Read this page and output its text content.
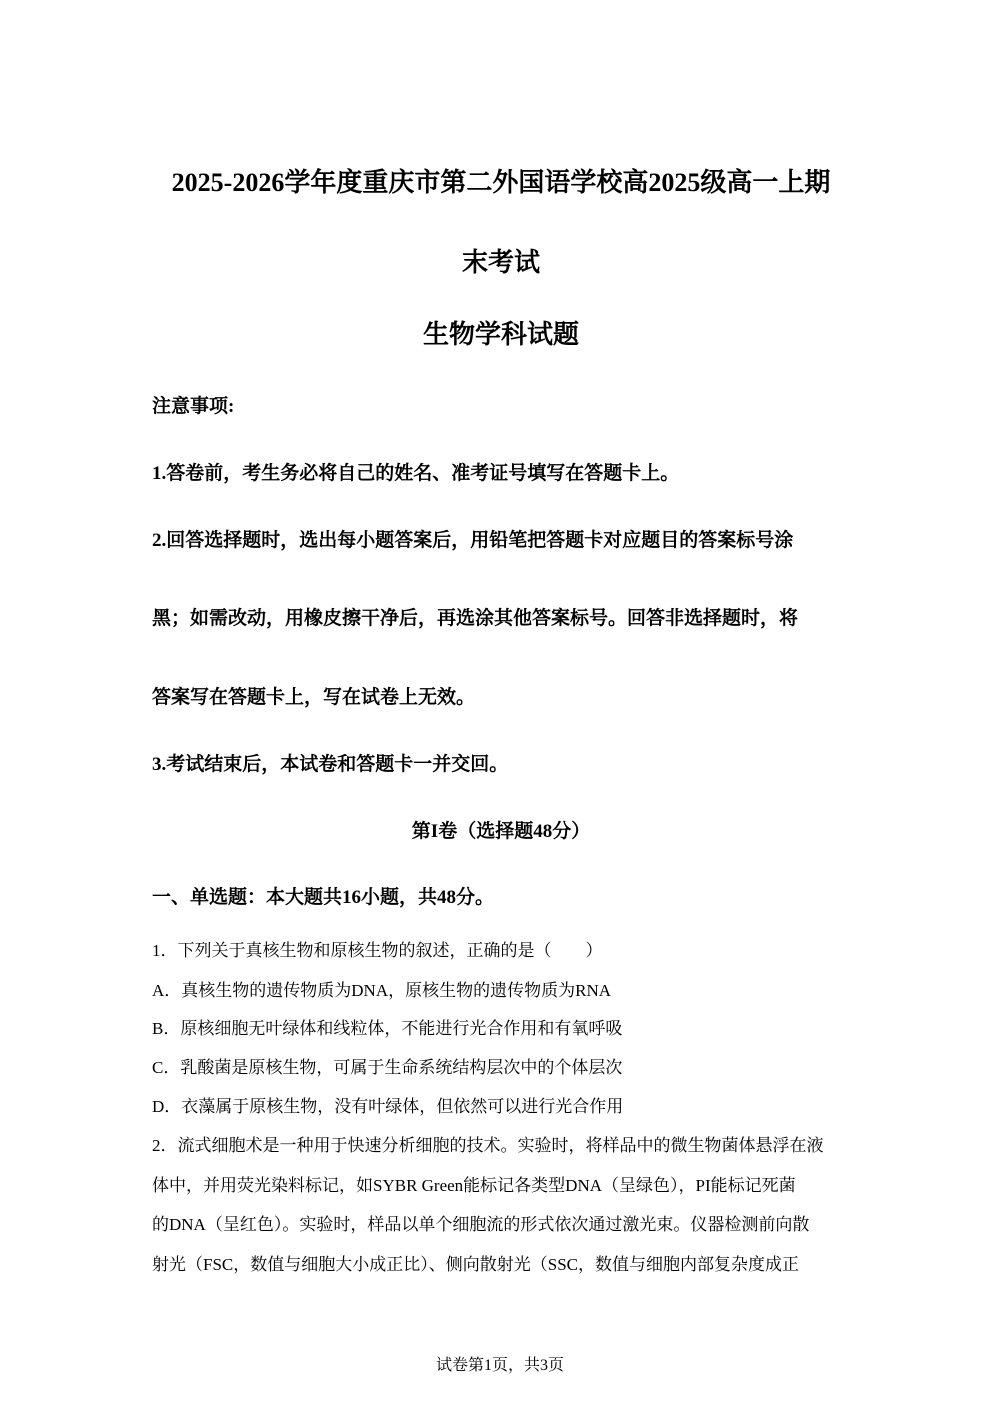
2025-2026学年度重庆市第二外国语学校高2025级高一上期
末考试
生物学科试题

注意事项:

1.答卷前，考生务必将自己的姓名、准考证号填写在答题卡上。

2.回答选择题时，选出每小题答案后，用铅笔把答题卡对应题目的答案标号涂

黑；如需改动，用橡皮擦干净后，再选涂其他答案标号。回答非选择题时，将

答案写在答题卡上，写在试卷上无效。

3.考试结束后，本试卷和答题卡一并交回。

第I卷（选择题48分）

一、单选题：本大题共16小题，共48分。

1．下列关于真核生物和原核生物的叙述，正确的是（　　）

A．真核生物的遗传物质为DNA，原核生物的遗传物质为RNA

B．原核细胞无叶绿体和线粒体，不能进行光合作用和有氧呼吸

C．乳酸菌是原核生物，可属于生命系统结构层次中的个体层次

D．衣藻属于原核生物，没有叶绿体，但依然可以进行光合作用

2．流式细胞术是一种用于快速分析细胞的技术。实验时，将样品中的微生物菌体悬浮在液

体中，并用荧光染料标记，如SYBR Green能标记各类型DNA（呈绿色），PI能标记死菌

的DNA（呈红色）。实验时，样品以单个细胞流的形式依次通过激光束。仪器检测前向散

射光（FSC，数值与细胞大小成正比）、侧向散射光（SSC，数值与细胞内部复杂度成正

试卷第1页，共3页
